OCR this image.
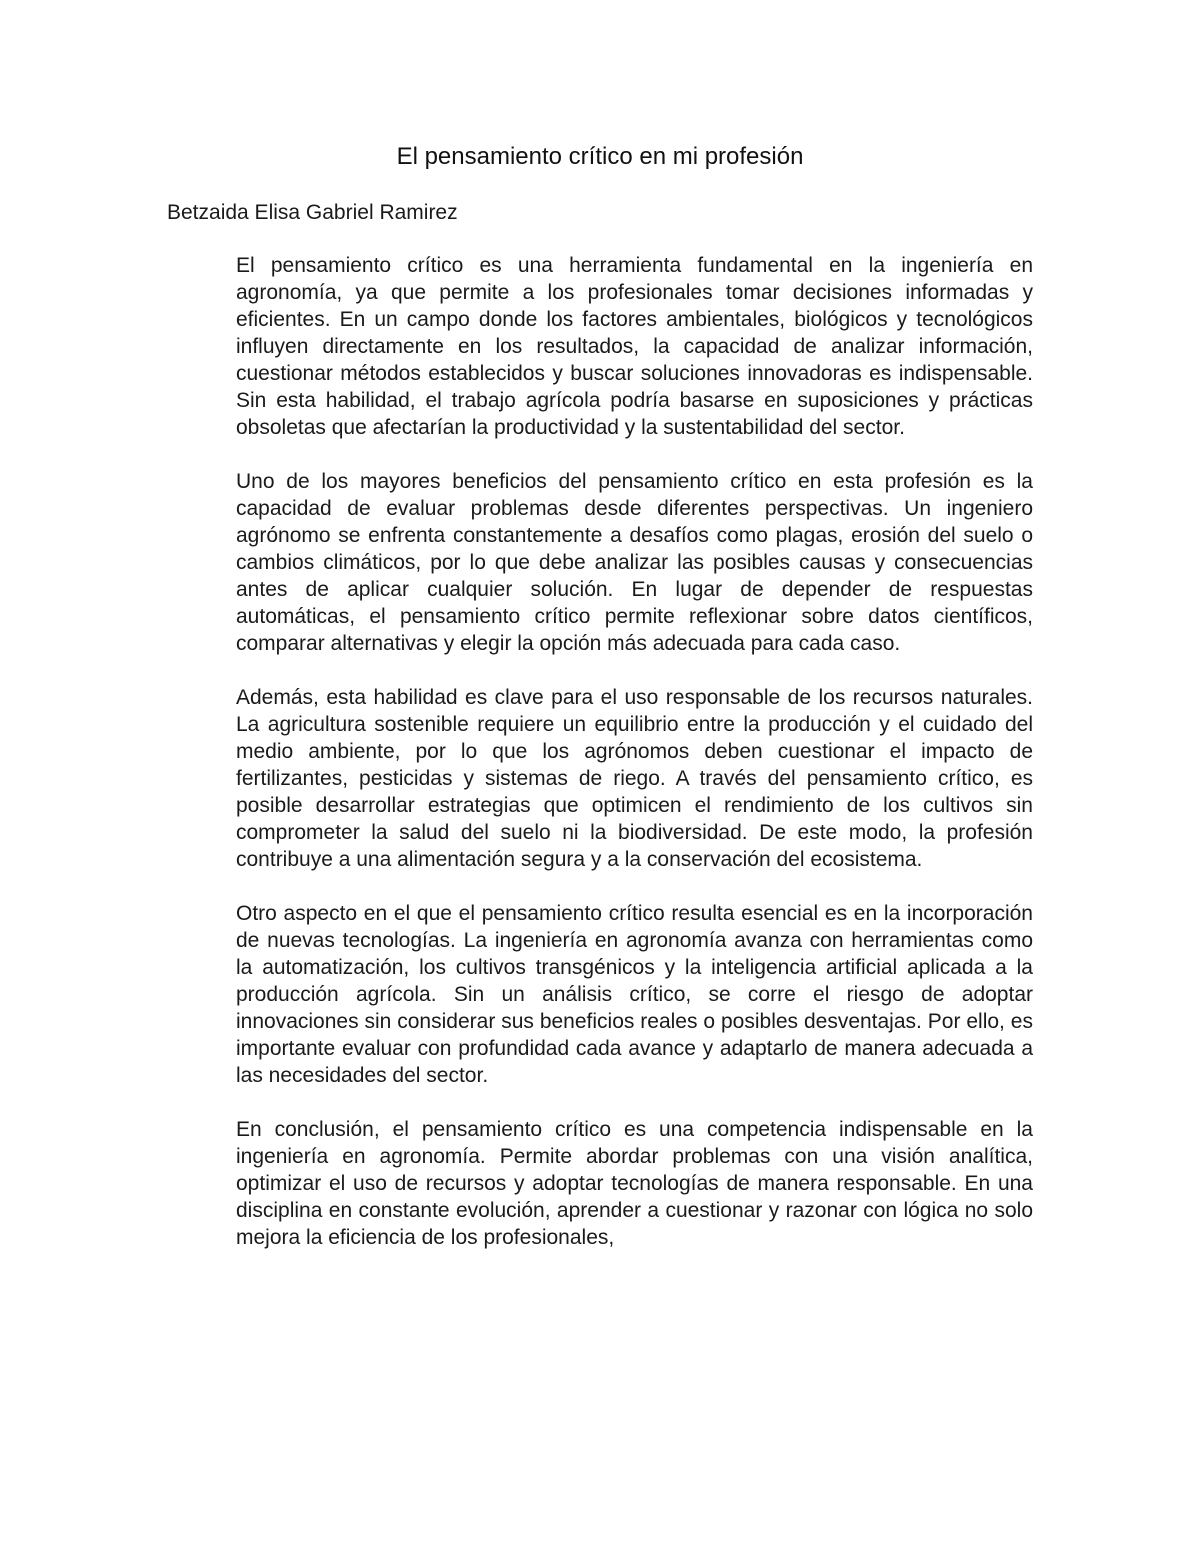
El pensamiento crítico en mi profesión

Betzaida Elisa Gabriel Ramirez

El pensamiento crítico es una herramienta fundamental en la ingeniería en agronomía, ya que permite a los profesionales tomar decisiones informadas y eficientes. En un campo donde los factores ambientales, biológicos y tecnológicos influyen directamente en los resultados, la capacidad de analizar información, cuestionar métodos establecidos y buscar soluciones innovadoras es indispensable. Sin esta habilidad, el trabajo agrícola podría basarse en suposiciones y prácticas obsoletas que afectarían la productividad y la sustentabilidad del sector.

Uno de los mayores beneficios del pensamiento crítico en esta profesión es la capacidad de evaluar problemas desde diferentes perspectivas. Un ingeniero agrónomo se enfrenta constantemente a desafíos como plagas, erosión del suelo o cambios climáticos, por lo que debe analizar las posibles causas y consecuencias antes de aplicar cualquier solución. En lugar de depender de respuestas automáticas, el pensamiento crítico permite reflexionar sobre datos científicos, comparar alternativas y elegir la opción más adecuada para cada caso.

Además, esta habilidad es clave para el uso responsable de los recursos naturales. La agricultura sostenible requiere un equilibrio entre la producción y el cuidado del medio ambiente, por lo que los agrónomos deben cuestionar el impacto de fertilizantes, pesticidas y sistemas de riego. A través del pensamiento crítico, es posible desarrollar estrategias que optimicen el rendimiento de los cultivos sin comprometer la salud del suelo ni la biodiversidad. De este modo, la profesión contribuye a una alimentación segura y a la conservación del ecosistema.

Otro aspecto en el que el pensamiento crítico resulta esencial es en la incorporación de nuevas tecnologías. La ingeniería en agronomía avanza con herramientas como la automatización, los cultivos transgénicos y la inteligencia artificial aplicada a la producción agrícola. Sin un análisis crítico, se corre el riesgo de adoptar innovaciones sin considerar sus beneficios reales o posibles desventajas. Por ello, es importante evaluar con profundidad cada avance y adaptarlo de manera adecuada a las necesidades del sector.

En conclusión, el pensamiento crítico es una competencia indispensable en la ingeniería en agronomía. Permite abordar problemas con una visión analítica, optimizar el uso de recursos y adoptar tecnologías de manera responsable. En una disciplina en constante evolución, aprender a cuestionar y razonar con lógica no solo mejora la eficiencia de los profesionales,
